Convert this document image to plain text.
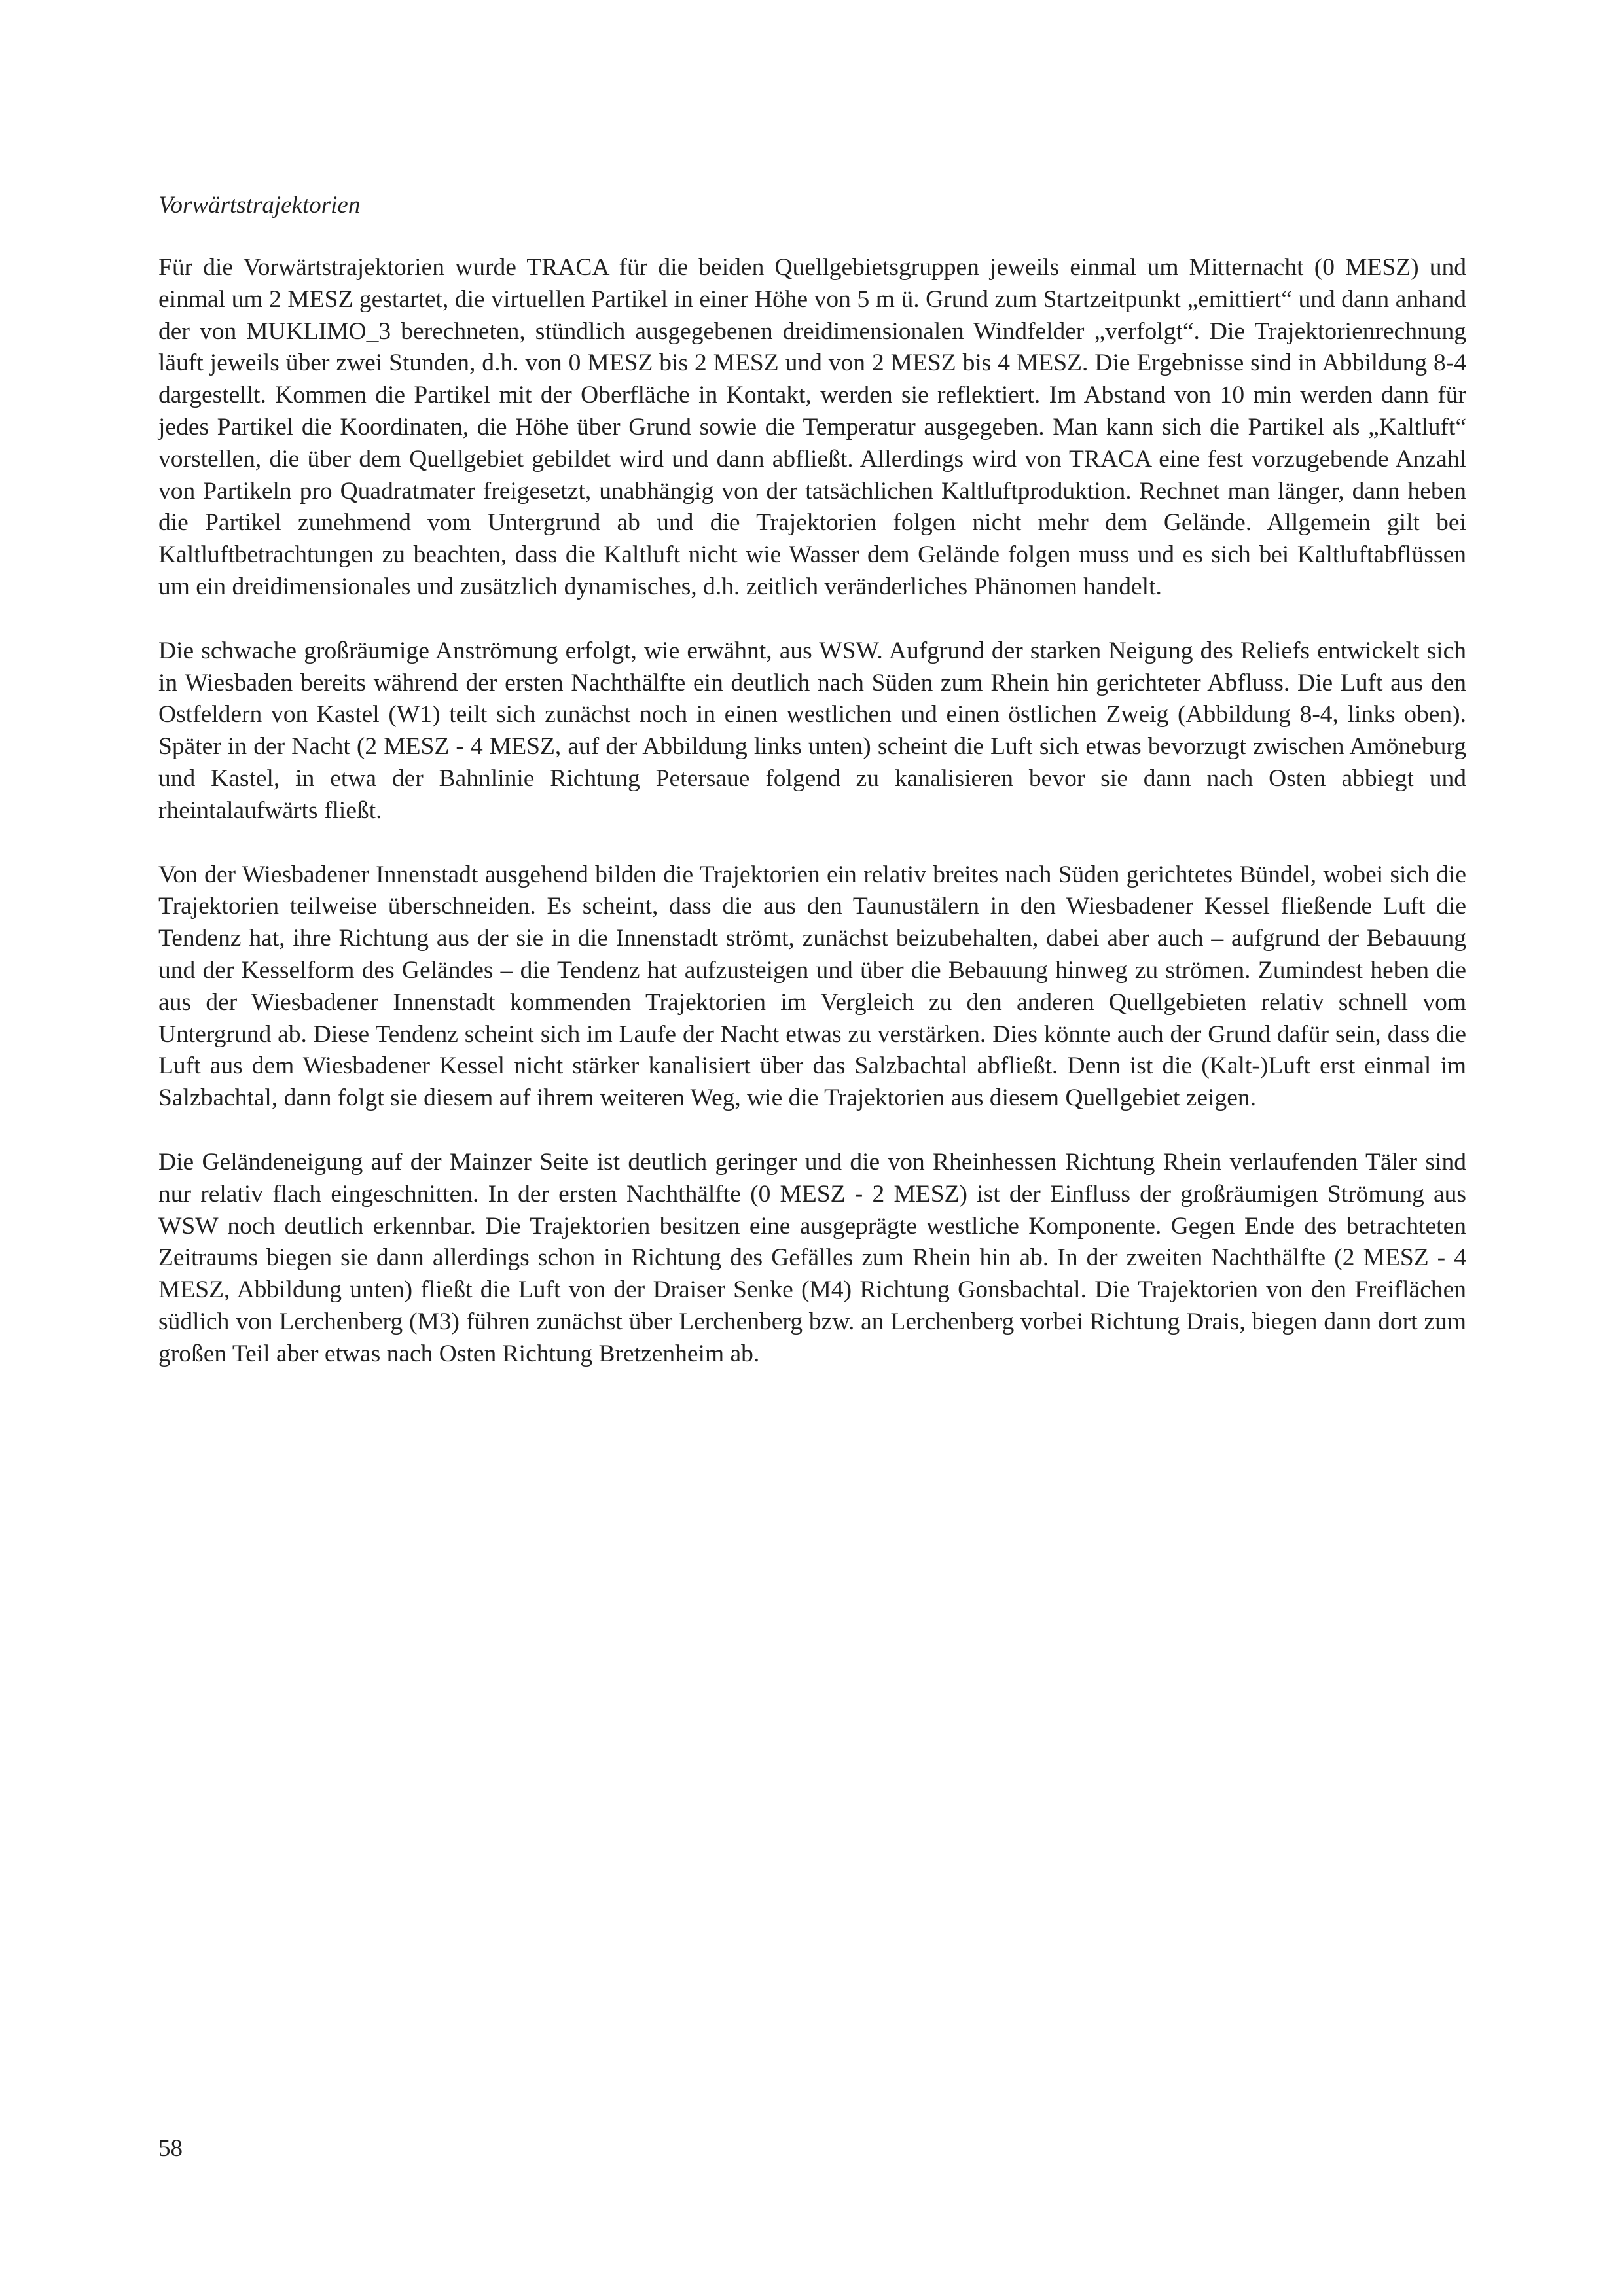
Vorwärtstrajektorien

Für die Vorwärtstrajektorien wurde TRACA für die beiden Quellgebietsgruppen jeweils einmal um Mitternacht (0 MESZ) und einmal um 2 MESZ gestartet, die virtuellen Partikel in einer Höhe von 5 m ü. Grund zum Startzeitpunkt „emittiert“ und dann anhand der von MUKLIMO_3 berechneten, stündlich ausgegebenen dreidimensionalen Windfelder „verfolgt“. Die Trajektorienrechnung läuft jeweils über zwei Stunden, d.h. von 0 MESZ bis 2 MESZ und von 2 MESZ bis 4 MESZ. Die Ergebnisse sind in Abbildung 8-4 dargestellt. Kommen die Partikel mit der Oberfläche in Kontakt, werden sie reflektiert. Im Abstand von 10 min werden dann für jedes Partikel die Koordinaten, die Höhe über Grund sowie die Temperatur ausgegeben. Man kann sich die Partikel als „Kaltluft“ vorstellen, die über dem Quellgebiet gebildet wird und dann abfließt. Allerdings wird von TRACA eine fest vorzugebende Anzahl von Partikeln pro Quadratmater freigesetzt, unabhängig von der tatsächlichen Kaltluftproduktion. Rechnet man länger, dann heben die Partikel zunehmend vom Untergrund ab und die Trajektorien folgen nicht mehr dem Gelände. Allgemein gilt bei Kaltluftbetrachtungen zu beachten, dass die Kaltluft nicht wie Wasser dem Gelände folgen muss und es sich bei Kaltluftabflüssen um ein dreidimensionales und zusätzlich dynamisches, d.h. zeitlich veränderliches Phänomen handelt.

Die schwache großräumige Anströmung erfolgt, wie erwähnt, aus WSW. Aufgrund der starken Neigung des Reliefs entwickelt sich in Wiesbaden bereits während der ersten Nachthälfte ein deutlich nach Süden zum Rhein hin gerichteter Abfluss. Die Luft aus den Ostfeldern von Kastel (W1) teilt sich zunächst noch in einen westlichen und einen östlichen Zweig (Abbildung 8-4, links oben). Später in der Nacht (2 MESZ - 4 MESZ, auf der Abbildung links unten) scheint die Luft sich etwas bevorzugt zwischen Amöneburg und Kastel, in etwa der Bahnlinie Richtung Petersaue folgend zu kanalisieren bevor sie dann nach Osten abbiegt und rheintalaufwärts fließt.

Von der Wiesbadener Innenstadt ausgehend bilden die Trajektorien ein relativ breites nach Süden gerichtetes Bündel, wobei sich die Trajektorien teilweise überschneiden. Es scheint, dass die aus den Taunustälern in den Wiesbadener Kessel fließende Luft die Tendenz hat, ihre Richtung aus der sie in die Innenstadt strömt, zunächst beizubehalten, dabei aber auch – aufgrund der Bebauung und der Kesselform des Geländes – die Tendenz hat aufzusteigen und über die Bebauung hinweg zu strömen. Zumindest heben die aus der Wiesbadener Innenstadt kommenden Trajektorien im Vergleich zu den anderen Quellgebieten relativ schnell vom Untergrund ab. Diese Tendenz scheint sich im Laufe der Nacht etwas zu verstärken. Dies könnte auch der Grund dafür sein, dass die Luft aus dem Wiesbadener Kessel nicht stärker kanalisiert über das Salzbachtal abfließt. Denn ist die (Kalt-)Luft erst einmal im Salzbachtal, dann folgt sie diesem auf ihrem weiteren Weg, wie die Trajektorien aus diesem Quellgebiet zeigen.

Die Geländeneigung auf der Mainzer Seite ist deutlich geringer und die von Rheinhessen Richtung Rhein verlaufenden Täler sind nur relativ flach eingeschnitten. In der ersten Nachthälfte (0 MESZ - 2 MESZ) ist der Einfluss der großräumigen Strömung aus WSW noch deutlich erkennbar. Die Trajektorien besitzen eine ausgeprägte westliche Komponente. Gegen Ende des betrachteten Zeitraums biegen sie dann allerdings schon in Richtung des Gefälles zum Rhein hin ab. In der zweiten Nachthälfte (2 MESZ - 4 MESZ, Abbildung unten) fließt die Luft von der Draiser Senke (M4) Richtung Gonsbachtal. Die Trajektorien von den Freiflächen südlich von Lerchenberg (M3) führen zunächst über Lerchenberg bzw. an Lerchenberg vorbei Richtung Drais, biegen dann dort zum großen Teil aber etwas nach Osten Richtung Bretzenheim ab.

58
